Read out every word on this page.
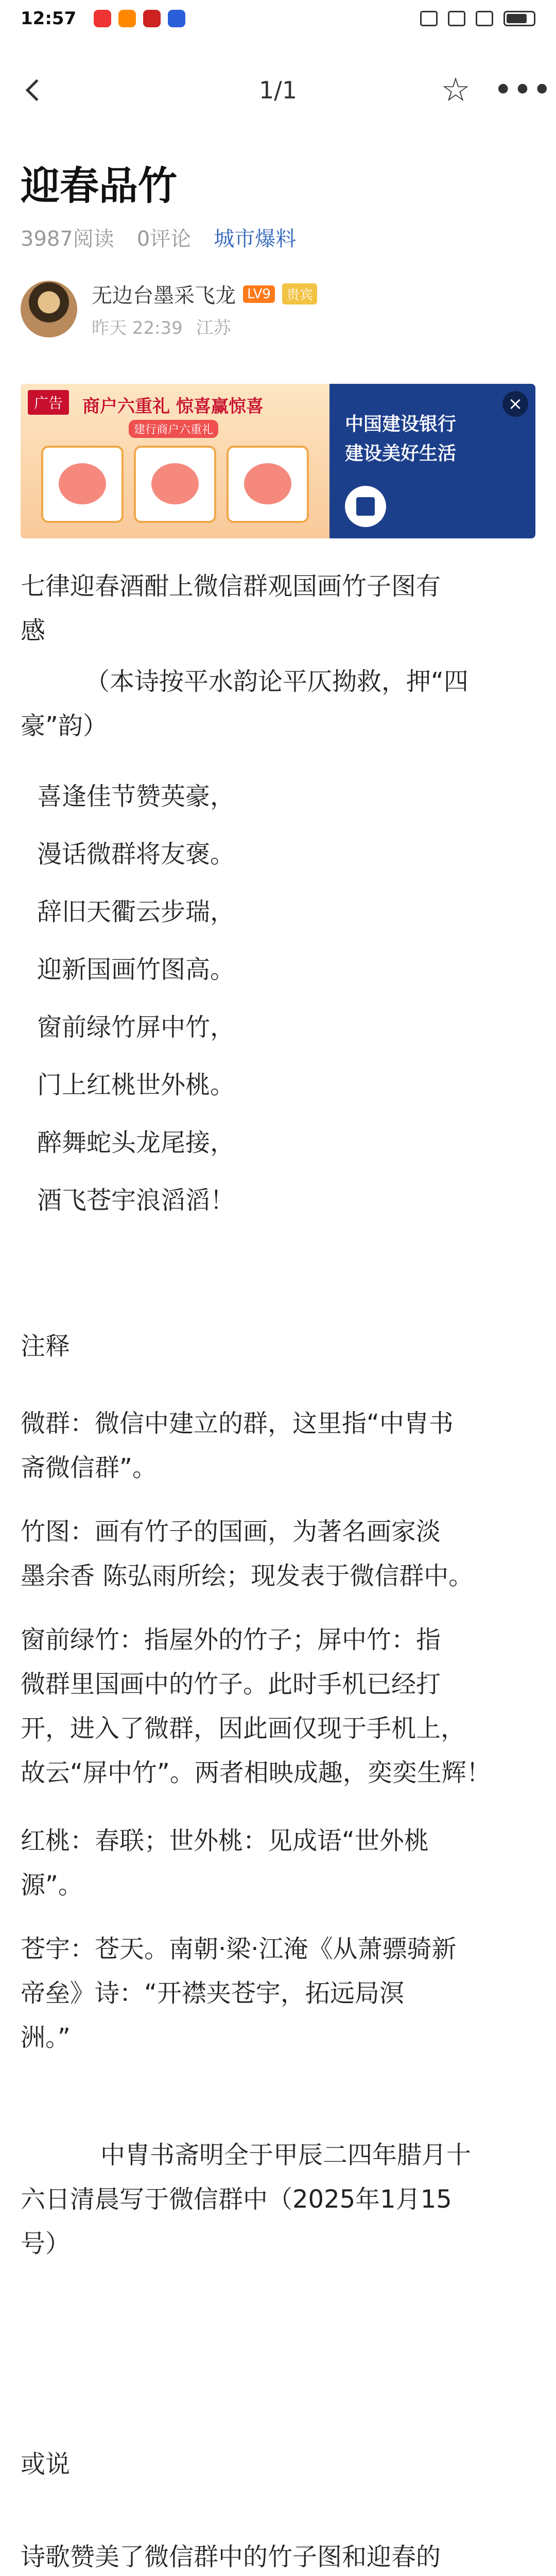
12:57
1/1	☆ •••
迎春品竹
3987阅读 0评论 城市爆料
无边台墨采飞龙 LV9	贵宾
昨天 22:39 江苏
广告	商户六重礼 惊喜赢惊喜
建行商户六重礼	中国建设银行
建设美好生活
×
七律迎春酒酣上微信群观国画竹子图有
感
（本诗按平水韵论平仄拗救，押“四
豪”韵）
喜逢佳节赞英豪，
漫话微群将友褒。
辞旧天衢云步瑞，
迎新国画竹图高。
窗前绿竹屏中竹，
门上红桃世外桃。
醉舞蛇头龙尾接，
酒飞苍宇浪滔滔！
注释
微群：微信中建立的群，这里指“中胄书
斋微信群”。
竹图：画有竹子的国画，为著名画家淡
墨余香 陈弘雨所绘；现发表于微信群中。
窗前绿竹：指屋外的竹子；屏中竹：指
微群里国画中的竹子。此时手机已经打
开，进入了微群，因此画仅现于手机上，
故云“屏中竹”。两者相映成趣，奕奕生辉！
红桃：春联；世外桃：见成语“世外桃
源”。
苍宇：苍天。南朝·梁·江淹《从萧骠骑新
帝垒》诗：“开襟夹苍宇，拓远局溟
洲。”
中胄书斋明全于甲辰二四年腊月十
六日清晨写于微信群中（2025年1月15
号）
或说
诗歌赞美了微信群中的竹子图和迎春的
